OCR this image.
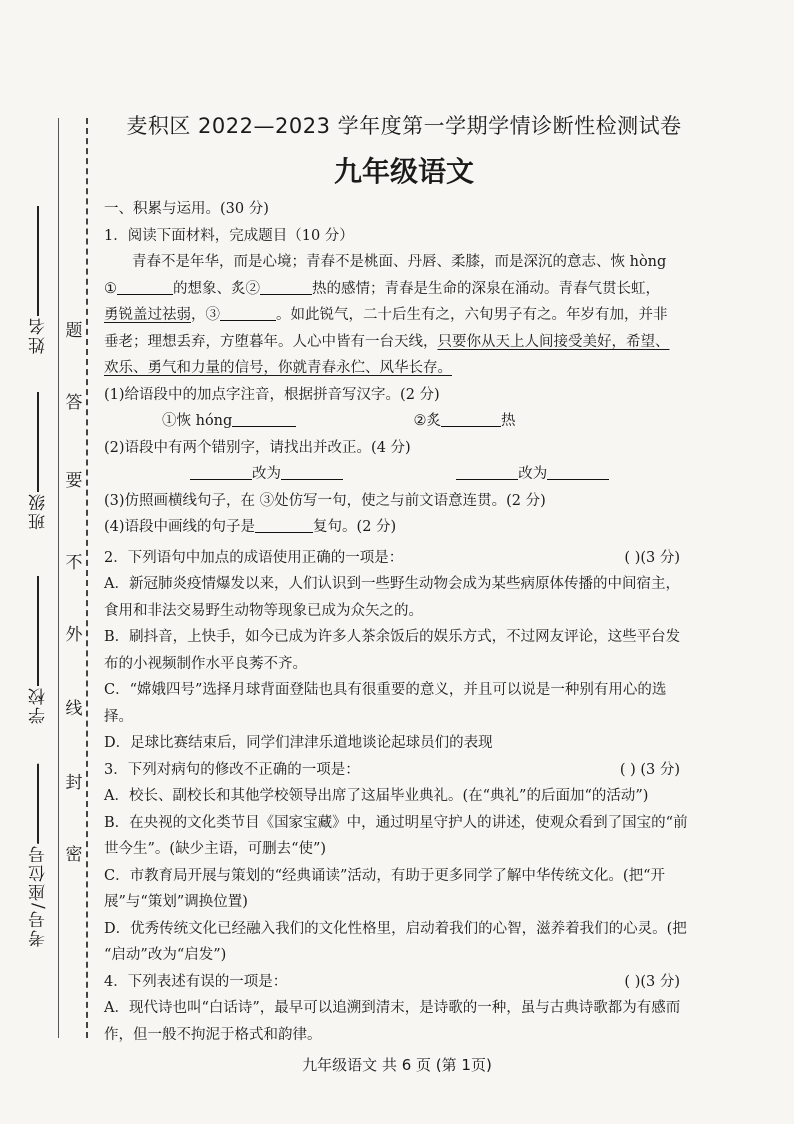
姓名
班级
学校
考号/座位号
题
答
要
不
外
线
封
密
麦积区 2022—2023 学年度第一学期学情诊断性检测试卷
九年级语文

一、积累与运用。(30 分)

1．阅读下面材料，完成题目（10 分）

青春不是年华，而是心境；青春不是桃面、丹唇、柔膝，而是深沉的意志、恢 hòng

①	的想象、炙②	热的感情；青春是生命的深泉在涌动。青春气贯长虹，

勇锐盖过祛弱，③	。如此锐气，二十后生有之，六旬男子有之。年岁有加，并非

垂老；理想丢弃，方堕暮年。人心中皆有一台天线，只要你从天上人间接受美好，希望、

欢乐、勇气和力量的信号，你就青春永伫、风华长存。

(1)给语段中的加点字注音，根据拼音写汉字。(2 分)

①恢 hóng	②炙	热

(2)语段中有两个错别字，请找出并改正。(4 分)

改为	改为

(3)仿照画横线句子，在 ③处仿写一句，使之与前文语意连贯。(2 分)

(4)语段中画线的句子是	复句。(2 分)

2．下列语句中加点的成语使用正确的一项是：	( )(3 分)

A．新冠肺炎疫情爆发以来，人们认识到一些野生动物会成为某些病原体传播的中间宿主，

食用和非法交易野生动物等现象已成为众矢之的。

B．刷抖音，上快手，如今已成为许多人茶余饭后的娱乐方式，不过网友评论，这些平台发

布的小视频制作水平良莠不齐。

C．“嫦娥四号”选择月球背面登陆也具有很重要的意义，并且可以说是一种别有用心的选

择。

D．足球比赛结束后，同学们津津乐道地谈论起球员们的表现

3．下列对病句的修改不正确的一项是：	( ) (3 分)

A．校长、副校长和其他学校领导出席了这届毕业典礼。(在“典礼”的后面加“的活动”)

B．在央视的文化类节目《国家宝藏》中，通过明星守护人的讲述，使观众看到了国宝的“前

世今生”。(缺少主语，可删去“使”)

C．市教育局开展与策划的“经典诵读”活动，有助于更多同学了解中华传统文化。(把“开

展”与“策划”调换位置)

D．优秀传统文化已经融入我们的文化性格里，启动着我们的心智，滋养着我们的心灵。(把

“启动”改为“启发”)

4．下列表述有误的一项是：	( )(3 分)

A．现代诗也叫“白话诗”，最早可以追溯到清末，是诗歌的一种，虽与古典诗歌都为有感而

作，但一般不拘泥于格式和韵律。

九年级语文 共 6 页 (第 1页)
